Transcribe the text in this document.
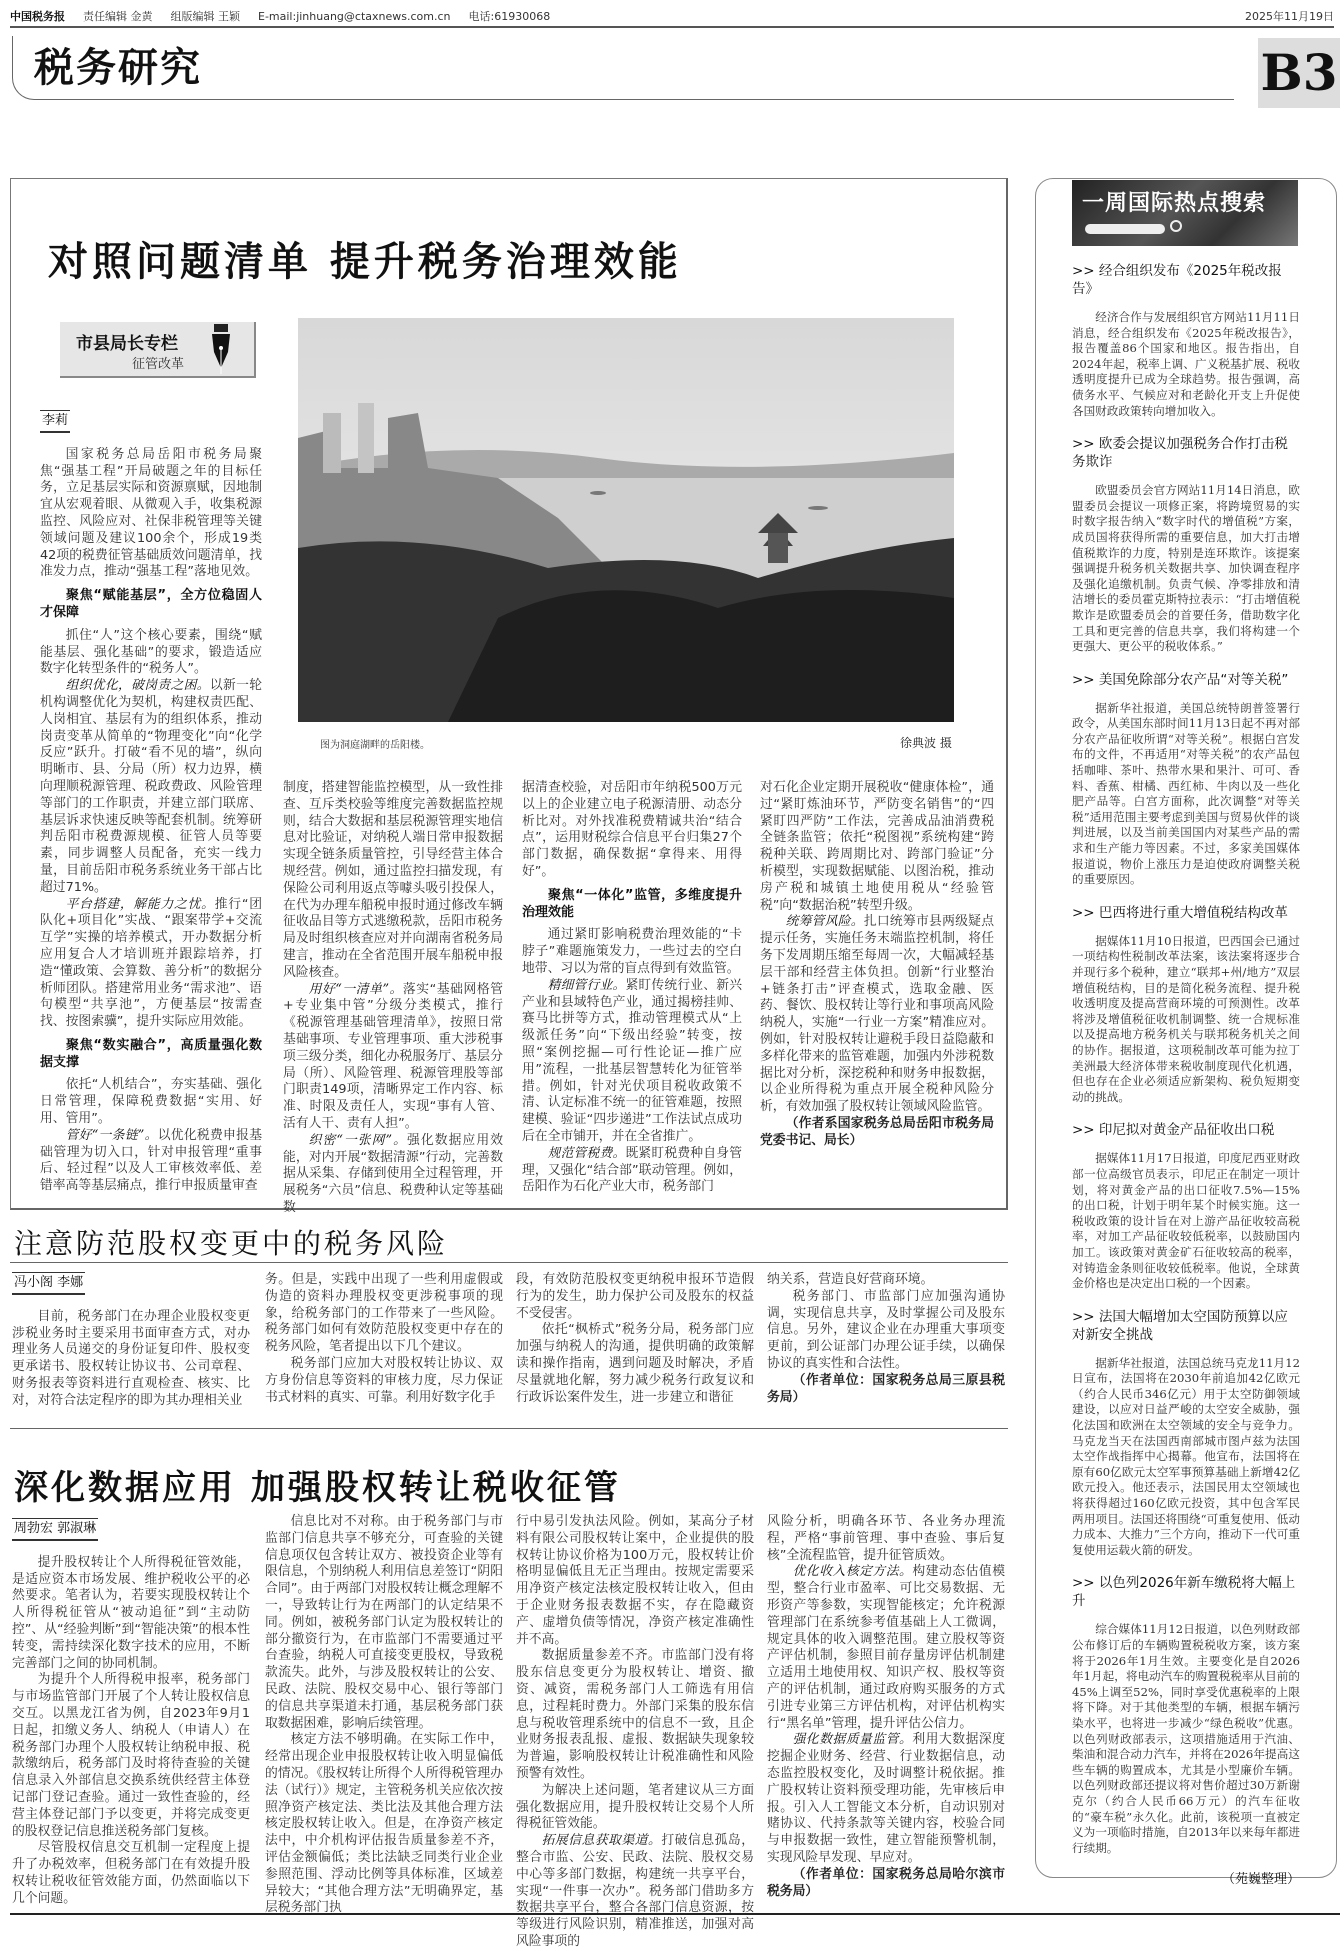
中国税务报 责任编辑 金黄 组版编辑 王颖 E-mail:jinhuang@ctaxnews.com.cn 电话:61930068	2025年11月19日
税务研究	B3
对照问题清单 提升税务治理效能
市县局长专栏
征管改革
图为洞庭湖畔的岳阳楼。	徐典波 摄
李莉

国家税务总局岳阳市税务局聚焦“强基工程”开局破题之年的目标任务，立足基层实际和资源禀赋，因地制宜从宏观着眼、从微观入手，收集税源监控、风险应对、社保非税管理等关键领域问题及建议100余个，形成19类42项的税费征管基础质效问题清单，找准发力点，推动“强基工程”落地见效。

聚焦“赋能基层”，全方位稳固人才保障

抓住“人”这个核心要素，围绕“赋能基层、强化基础”的要求，锻造适应数字化转型条件的“税务人”。

组织优化，破岗责之困。以新一轮机构调整优化为契机，构建权责匹配、人岗相宜、基层有为的组织体系，推动岗责变革从简单的“物理变化”向“化学反应”跃升。打破“看不见的墙”，纵向明晰市、县、分局（所）权力边界，横向理顺税源管理、税政费政、风险管理等部门的工作职责，并建立部门联席、基层诉求快速反映等配套机制。统筹研判岳阳市税费源规模、征管人员等要素，同步调整人员配备，充实一线力量，目前岳阳市税务系统业务干部占比超过71%。

平台搭建，解能力之忧。推行“团队化+项目化”实战、“跟案带学+交流互学”实操的培养模式，开办数据分析应用复合人才培训班并跟踪培养，打造“懂政策、会算数、善分析”的数据分析师团队。搭建常用业务“需求池”、语句模型“共享池”，方便基层“按需查找、按图索骥”，提升实际应用效能。

聚焦“数实融合”，高质量强化数据支撑

依托“人机结合”，夯实基础、强化日常管理，保障税费数据“实用、好用、管用”。

管好“一条链”。以优化税费申报基础管理为切入口，针对申报管理“重事后、轻过程”以及人工审核效率低、差错率高等基层痛点，推行申报质量审查

制度，搭建智能监控模型，从一致性排查、互斥类校验等维度完善数据监控规则，结合大数据和基层税源管理实地信息对比验证，对纳税人端日常申报数据实现全链条质量管控，引导经营主体合规经营。例如，通过监控扫描发现，有保险公司利用返点等噱头吸引投保人，在代为办理车船税申报时通过修改车辆征收品目等方式逃缴税款，岳阳市税务局及时组织核查应对并向湖南省税务局建言，推动在全省范围开展车船税申报风险核查。

用好“一清单”。落实“基础网格管+专业集中管”分级分类模式，推行《税源管理基础管理清单》，按照日常基础事项、专业管理事项、重大涉税事项三级分类，细化办税服务厅、基层分局（所）、风险管理、税源管理股等部门职责149项，清晰界定工作内容、标准、时限及责任人，实现“事有人管、活有人干、责有人担”。

织密“一张网”。强化数据应用效能，对内开展“数据清源”行动，完善数据从采集、存储到使用全过程管理，开展税务“六员”信息、税费种认定等基础数

据清查校验，对岳阳市年纳税500万元以上的企业建立电子税源清册、动态分析比对。对外找准税费精诚共治“结合点”，运用财税综合信息平台归集27个部门数据，确保数据“拿得来、用得好”。

聚焦“一体化”监管，多维度提升治理效能

通过紧盯影响税费治理效能的“卡脖子”难题施策发力，一些过去的空白地带、习以为常的盲点得到有效监管。

精细管行业。紧盯传统行业、新兴产业和县域特色产业，通过揭榜挂帅、赛马比拼等方式，推动管理模式从“上级派任务”向“下级出经验”转变，按照“案例挖掘—可行性论证—推广应用”流程，一批基层智慧转化为征管举措。例如，针对光伏项目税收政策不清、认定标准不统一的征管难题，按照建模、验证“四步递进”工作法试点成功后在全市铺开，并在全省推广。

规范管税费。既紧盯税费种自身管理，又强化“结合部”联动管理。例如，岳阳作为石化产业大市，税务部门

对石化企业定期开展税收“健康体检”，通过“紧盯炼油环节，严防变名销售”的“四紧盯四严防”工作法，完善成品油消费税全链条监管；依托“税图视”系统构建“跨税种关联、跨周期比对、跨部门验证”分析模型，实现数据赋能、以图治税，推动房产税和城镇土地使用税从“经验管税”向“数据治税”转型升级。

统筹管风险。扎口统筹市县两级疑点提示任务，实施任务末端监控机制，将任务下发周期压缩至每周一次，大幅减轻基层干部和经营主体负担。创新“行业整治+链条打击”评查模式，选取金融、医药、餐饮、股权转让等行业和事项高风险纳税人，实施“一行业一方案”精准应对。例如，针对股权转让避税手段日益隐蔽和多样化带来的监管难题，加强内外涉税数据比对分析，深挖税种和财务申报数据，以企业所得税为重点开展全税种风险分析，有效加强了股权转让领域风险监管。

（作者系国家税务总局岳阳市税务局党委书记、局长）

注意防范股权变更中的税务风险
冯小阁 李娜

目前，税务部门在办理企业股权变更涉税业务时主要采用书面审查方式，对办理业务人员递交的身份证复印件、股权变更承诺书、股权转让协议书、公司章程、财务报表等资料进行直观检查、核实、比对，对符合法定程序的即为其办理相关业

务。但是，实践中出现了一些利用虚假或伪造的资料办理股权变更涉税事项的现象，给税务部门的工作带来了一些风险。税务部门如何有效防范股权变更中存在的税务风险，笔者提出以下几个建议。

税务部门应加大对股权转让协议、双方身份信息等资料的审核力度，尽力保证书式材料的真实、可靠。利用好数字化手

段，有效防范股权变更纳税申报环节造假行为的发生，助力保护公司及股东的权益不受侵害。

依托“枫桥式”税务分局，税务部门应加强与纳税人的沟通，提供明确的政策解读和操作指南，遇到问题及时解决，矛盾尽量就地化解，努力减少税务行政复议和行政诉讼案件发生，进一步建立和谐征

纳关系，营造良好营商环境。

税务部门、市监部门应加强沟通协调，实现信息共享，及时掌握公司及股东信息。另外，建议企业在办理重大事项变更前，到公证部门办理公证手续，以确保协议的真实性和合法性。

（作者单位：国家税务总局三原县税务局）

深化数据应用 加强股权转让税收征管
周勃宏 郭淑琳

提升股权转让个人所得税征管效能，是适应资本市场发展、维护税收公平的必然要求。笔者认为，若要实现股权转让个人所得税征管从“被动追征”到“主动防控”、从“经验判断”到“智能决策”的根本性转变，需持续深化数字技术的应用，不断完善部门之间的协同机制。

为提升个人所得税申报率，税务部门与市场监管部门开展了个人转让股权信息交互。以黑龙江省为例，自2023年9月1日起，扣缴义务人、纳税人（申请人）在税务部门办理个人股权转让纳税申报、税款缴纳后，税务部门及时将待查验的关键信息录入外部信息交换系统供经营主体登记部门登记查验。通过一致性查验的，经营主体登记部门予以变更，并将完成变更的股权登记信息推送税务部门复核。

尽管股权信息交互机制一定程度上提升了办税效率，但税务部门在有效提升股权转让税收征管效能方面，仍然面临以下几个问题。

信息比对不对称。由于税务部门与市监部门信息共享不够充分，可查验的关键信息项仅包含转让双方、被投资企业等有限信息，个别纳税人利用信息差签订“阴阳合同”。由于两部门对股权转让概念理解不一，导致转让行为在两部门的认定结果不同。例如，被税务部门认定为股权转让的部分撤资行为，在市监部门不需要通过平台查验，纳税人可直接变更股权，导致税款流失。此外，与涉及股权转让的公安、民政、法院、股权交易中心、银行等部门的信息共享渠道未打通，基层税务部门获取数据困难，影响后续管理。

核定方法不够明确。在实际工作中，经常出现企业申报股权转让收入明显偏低的情况。《股权转让所得个人所得税管理办法（试行）》规定，主管税务机关应依次按照净资产核定法、类比法及其他合理方法核定股权转让收入。但是，在净资产核定法中，中介机构评估报告质量参差不齐，评估金额偏低；类比法缺乏同类行业企业参照范围、浮动比例等具体标准，区域差异较大；“其他合理方法”无明确界定，基层税务部门执

行中易引发执法风险。例如，某高分子材料有限公司股权转让案中，企业提供的股权转让协议价格为100万元，股权转让价格明显偏低且无正当理由。按规定需要采用净资产核定法核定股权转让收入，但由于企业财务报表数据不实，存在隐藏资产、虚增负债等情况，净资产核定准确性并不高。

数据质量参差不齐。市监部门没有将股东信息变更分为股权转让、增资、撤资、减资，需税务部门人工筛选有用信息，过程耗时费力。外部门采集的股东信息与税收管理系统中的信息不一致，且企业财务报表乱报、虚报、数据缺失现象较为普遍，影响股权转让计税准确性和风险预警有效性。

为解决上述问题，笔者建议从三方面强化数据应用，提升股权转让交易个人所得税征管效能。

拓展信息获取渠道。打破信息孤岛，整合市监、公安、民政、法院、股权交易中心等多部门数据，构建统一共享平台，实现“一件事一次办”。税务部门借助多方数据共享平台，整合各部门信息资源，按等级进行风险识别，精准推送，加强对高风险事项的

风险分析，明确各环节、各业务办理流程，严格“事前管理、事中查验、事后复核”全流程监管，提升征管质效。

优化收入核定方法。构建动态估值模型，整合行业市盈率、可比交易数据、无形资产等参数，实现智能核定；允许税源管理部门在系统参考值基础上人工微调，规定具体的收入调整范围。建立股权等资产评估机制，参照目前存量房评估机制建立适用土地使用权、知识产权、股权等资产的评估机制，通过政府购买服务的方式引进专业第三方评估机构，对评估机构实行“黑名单”管理，提升评估公信力。

强化数据质量监管。利用大数据深度挖掘企业财务、经营、行业数据信息，动态监控股权变化，及时调整计税依据。推广股权转让资料预受理功能，先审核后申报。引入人工智能文本分析，自动识别对赌协议、代持条款等关键内容，校验合同与申报数据一致性，建立智能预警机制，实现风险早发现、早应对。

（作者单位：国家税务总局哈尔滨市税务局）

一周国际热点搜索
>> 经合组织发布《2025年税改报告》

经济合作与发展组织官方网站11月11日消息，经合组织发布《2025年税改报告》，报告覆盖86个国家和地区。报告指出，自2024年起，税率上调、广义税基扩展、税收透明度提升已成为全球趋势。报告强调，高债务水平、气候应对和老龄化开支上升促使各国财政政策转向增加收入。

>> 欧委会提议加强税务合作打击税务欺诈

欧盟委员会官方网站11月14日消息，欧盟委员会提议一项修正案，将跨境贸易的实时数字报告纳入“数字时代的增值税”方案，成员国将获得所需的重要信息，加大打击增值税欺诈的力度，特别是连环欺诈。该提案强调提升税务机关数据共享、加快调查程序及强化追缴机制。负责气候、净零排放和清洁增长的委员霍克斯特拉表示：“打击增值税欺诈是欧盟委员会的首要任务，借助数字化工具和更完善的信息共享，我们将构建一个更强大、更公平的税收体系。”

>> 美国免除部分农产品“对等关税”

据新华社报道，美国总统特朗普签署行政令，从美国东部时间11月13日起不再对部分农产品征收所谓“对等关税”。根据白宫发布的文件，不再适用“对等关税”的农产品包括咖啡、茶叶、热带水果和果汁、可可、香料、香蕉、柑橘、西红柿、牛肉以及一些化肥产品等。白宫方面称，此次调整“对等关税”适用范围主要考虑到美国与贸易伙伴的谈判进展，以及当前美国国内对某些产品的需求和生产能力等因素。不过，多家美国媒体报道说，物价上涨压力是迫使政府调整关税的重要原因。

>> 巴西将进行重大增值税结构改革

据媒体11月10日报道，巴西国会已通过一项结构性税制改革法案，该法案将逐步合并现行多个税种，建立“联邦+州/地方”双层增值税结构，目的是简化税务流程、提升税收透明度及提高营商环境的可预测性。改革将涉及增值税征收机制调整、统一合规标准以及提高地方税务机关与联邦税务机关之间的协作。据报道，这项税制改革可能为拉丁美洲最大经济体带来税收制度现代化机遇，但也存在企业必须适应新架构、税负短期变动的挑战。

>> 印尼拟对黄金产品征收出口税

据媒体11月17日报道，印度尼西亚财政部一位高级官员表示，印尼正在制定一项计划，将对黄金产品的出口征收7.5%—15%的出口税，计划于明年某个时候实施。这一税收政策的设计旨在对上游产品征收较高税率，对加工产品征收较低税率，以鼓励国内加工。该政策对黄金矿石征收较高的税率，对铸造金条则征收较低税率。他说，全球黄金价格也是决定出口税的一个因素。

>> 法国大幅增加太空国防预算以应对新安全挑战

据新华社报道，法国总统马克龙11月12日宣布，法国将在2030年前追加42亿欧元（约合人民币346亿元）用于太空防御领域建设，以应对日益严峻的太空安全威胁，强化法国和欧洲在太空领域的安全与竞争力。马克龙当天在法国西南部城市图卢兹为法国太空作战指挥中心揭幕。他宣布，法国将在原有60亿欧元太空军事预算基础上新增42亿欧元投入。他还表示，法国民用太空领域也将获得超过160亿欧元投资，其中包含军民两用项目。法国还将围绕“可重复使用、低动力成本、大推力”三个方向，推动下一代可重复使用运载火箭的研发。

>> 以色列2026年新车缴税将大幅上升

综合媒体11月12日报道，以色列财政部公布修订后的车辆购置税税收方案，该方案将于2026年1月生效。主要变化是自2026年1月起，将电动汽车的购置税税率从目前的45%上调至52%，同时享受优惠税率的上限将下降。对于其他类型的车辆，根据车辆污染水平，也将进一步减少“绿色税收”优惠。以色列财政部表示，这项措施适用于汽油、柴油和混合动力汽车，并将在2026年提高这些车辆的购置成本，尤其是小型廉价车辆。以色列财政部还提议将对售价超过30万新谢克尔（约合人民币66万元）的汽车征收的“豪车税”永久化。此前，该税项一直被定义为一项临时措施，自2013年以来每年都进行续期。

（苑巍整理）
